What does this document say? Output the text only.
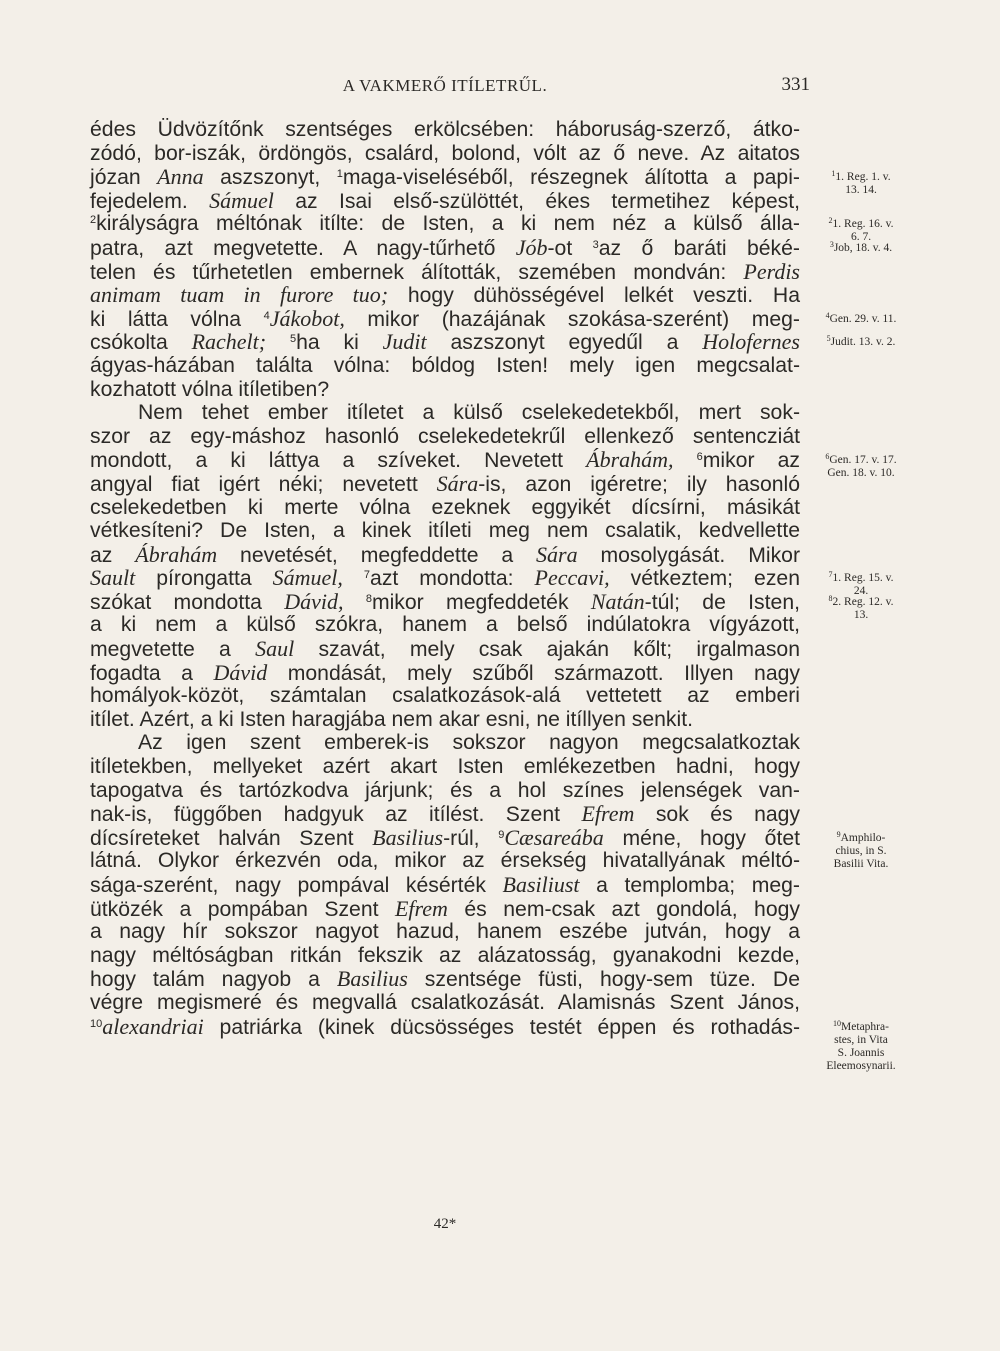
A VAKMERŐ ITÍLETRŰL.	331
édes Üdvözítőnk szentséges erkölcsében: háboruság-szerző, átko-
zódó, bor-iszák, ördöngös, csalárd, bolond, vólt az ő neve. Az aitatos
józan Anna aszszonyt, $^1$maga-viseléséből, részegnek álította a papi-
fejedelem. Sámuel az Isai első-szülöttét, ékes termetihez képest,
$^2$királyságra méltónak itílte: de Isten, a ki nem néz a külső álla-
patra, azt megvetette. A nagy-tűrhető Jób-ot $^3$az ő baráti béké-
telen és tűrhetetlen embernek álították, szemében mondván: Perdis
animam tuam in furore tuo; hogy dühösségével lelkét veszti. Ha
ki látta vólna $^4$Jákobot, mikor (hazájának szokása-szerént) meg-
csókolta Rachelt; $^5$ha ki Judit aszszonyt egyedűl a Holofernes
ágyas-házában találta vólna: bóldog Isten! mely igen megcsalat-
kozhatott vólna itíletiben?
Nem tehet ember itíletet a külső cselekedetekből, mert sok-
szor az egy-máshoz hasonló cselekedetekrűl ellenkező sentencziát
mondott, a ki láttya a szíveket. Nevetett Ábrahám, $^6$mikor az
angyal fiat igért néki; nevetett Sára-is, azon igéretre; ily hasonló
cselekedetben ki merte vólna ezeknek eggyikét dícsírni, másikát
vétkesíteni? De Isten, a kinek itíleti meg nem csalatik, kedvellette
az Ábrahám nevetését, megfeddette a Sára mosolygását. Mikor
Sault pírongatta Sámuel, $^7$azt mondotta: Peccavi, vétkeztem; ezen
szókat mondotta Dávid, $^8$mikor megfeddeték Natán-túl; de Isten,
a ki nem a külső szókra, hanem a belső indúlatokra vígyázott,
megvetette a Saul szavát, mely csak ajakán kőlt; irgalmason
fogadta a Dávid mondását, mely szűből származott. Illyen nagy
homályok-közöt, számtalan csalatkozások-alá vettetett az emberi
itílet. Azért, a ki Isten haragjába nem akar esni, ne itíllyen senkit.
Az igen szent emberek-is sokszor nagyon megcsalatkoztak
itíletekben, mellyeket azért akart Isten emlékezetben hadni, hogy
tapogatva és tartózkodva járjunk; és a hol színes jelenségek van-
nak-is, függőben hadgyuk az itílést. Szent Efrem sok és nagy
dícsíreteket halván Szent Basilius-rúl, $^9$Cæsareába méne, hogy őtet
látná. Olykor érkezvén oda, mikor az érsekség hivatallyának méltó-
sága-szerént, nagy pompával késérték Basiliust a templomba; meg-
ütközék a pompában Szent Efrem és nem-csak azt gondolá, hogy
a nagy hír sokszor nagyot hazud, hanem eszébe jutván, hogy a
nagy méltóságban ritkán fekszik az alázatosság, gyanakodni kezde,
hogy talám nagyob a Basilius szentsége füsti, hogy-sem tüze. De
végre megismeré és megvallá csalatkozását. Alamisnás Szent János,
$^{10}$alexandriai patriárka (kinek dücsösséges testét éppen és rothadás-
$^1$1. Reg. 1. v.
13. 14.
$^2$1. Reg. 16. v.
6. 7.
$^3$Job, 18. v. 4.
$^4$Gen. 29. v. 11.
$^5$Judit. 13. v. 2.
$^6$Gen. 17. v. 17.
Gen. 18. v. 10.
$^7$1. Reg. 15. v.
24.
$^8$2. Reg. 12. v.
13.
$^9$Amphilo-
chius, in S.
Basilii Vita.
$^{10}$Metaphra-
stes, in Vita
S. Joannis
Eleemosynarii.
42*
